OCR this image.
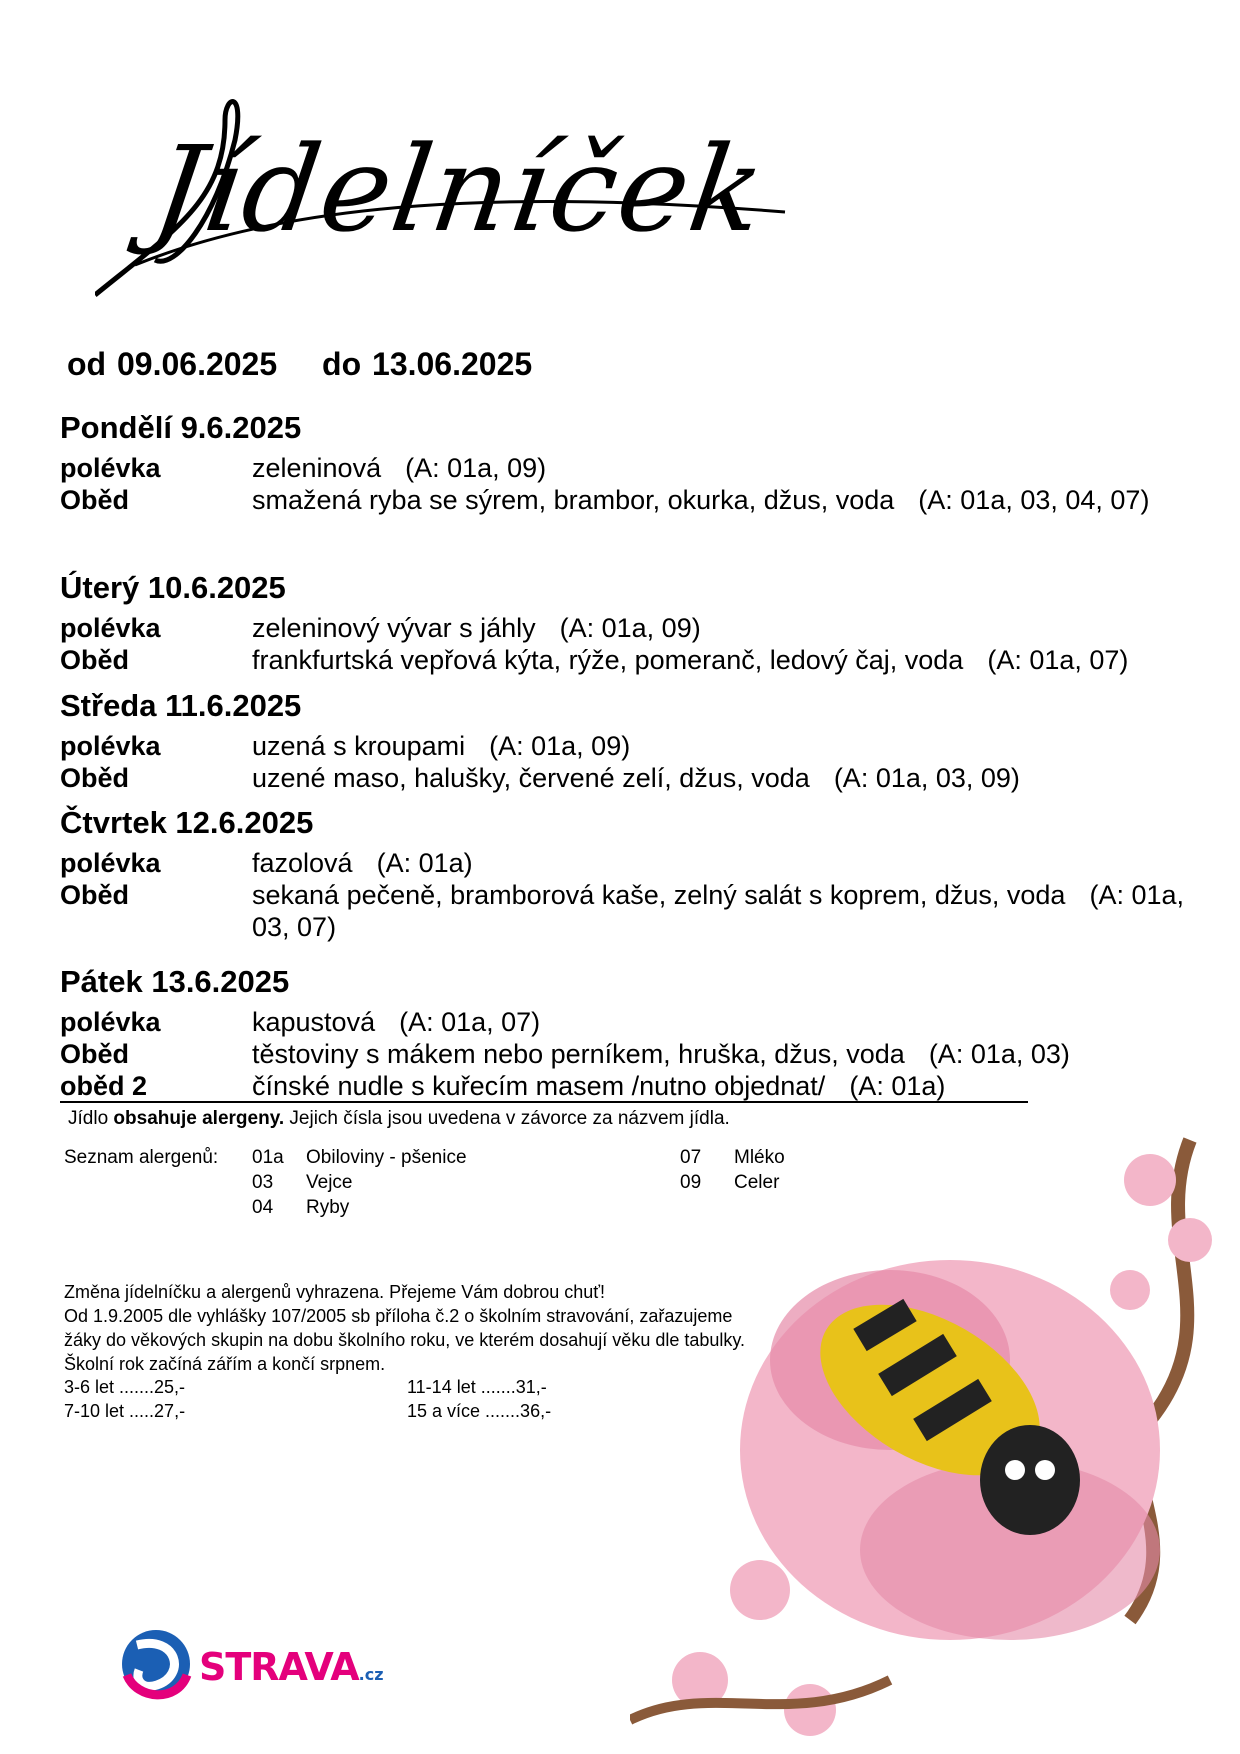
Jídelníček
od 09.06.2025 do 13.06.2025
Pondělí 9.6.2025
polévka	zeleninová (A: 01a, 09)
Oběd	smažená ryba se sýrem, brambor, okurka, džus, voda (A: 01a, 03, 04, 07)
Úterý 10.6.2025
polévka	zeleninový vývar s jáhly (A: 01a, 09)
Oběd	frankfurtská vepřová kýta, rýže, pomeranč, ledový čaj, voda (A: 01a, 07)
Středa 11.6.2025
polévka	uzená s kroupami (A: 01a, 09)
Oběd	uzené maso, halušky, červené zelí, džus, voda (A: 01a, 03, 09)
Čtvrtek 12.6.2025
polévka	fazolová (A: 01a)
Oběd	sekaná pečeně, bramborová kaše, zelný salát s koprem, džus, voda (A: 01a, 03, 07)
Pátek 13.6.2025
polévka	kapustová (A: 01a, 07)
Oběd	těstoviny s mákem nebo perníkem, hruška, džus, voda (A: 01a, 03)
oběd 2	čínské nudle s kuřecím masem /nutno objednat/ (A: 01a)
Jídlo obsahuje alergeny. Jejich čísla jsou uvedena v závorce za názvem jídla.
Seznam alergenů: 01a Obiloviny - pšenice
03 Vejce
04 Ryby
07 Mléko
09 Celer
Změna jídelníčku a alergenů vyhrazena. Přejeme Vám dobrou chuť!
Od 1.9.2005 dle vyhlášky 107/2005 sb příloha č.2 o školním stravování, zařazujeme
žáky do věkových skupin na dobu školního roku, ve kterém dosahují věku dle tabulky.
Školní rok začíná zářím a končí srpnem.
3-6 let .......25,-
7-10 let .....27,-
11-14 let .......31,-
15 a více .......36,-
STRAVA.cz
